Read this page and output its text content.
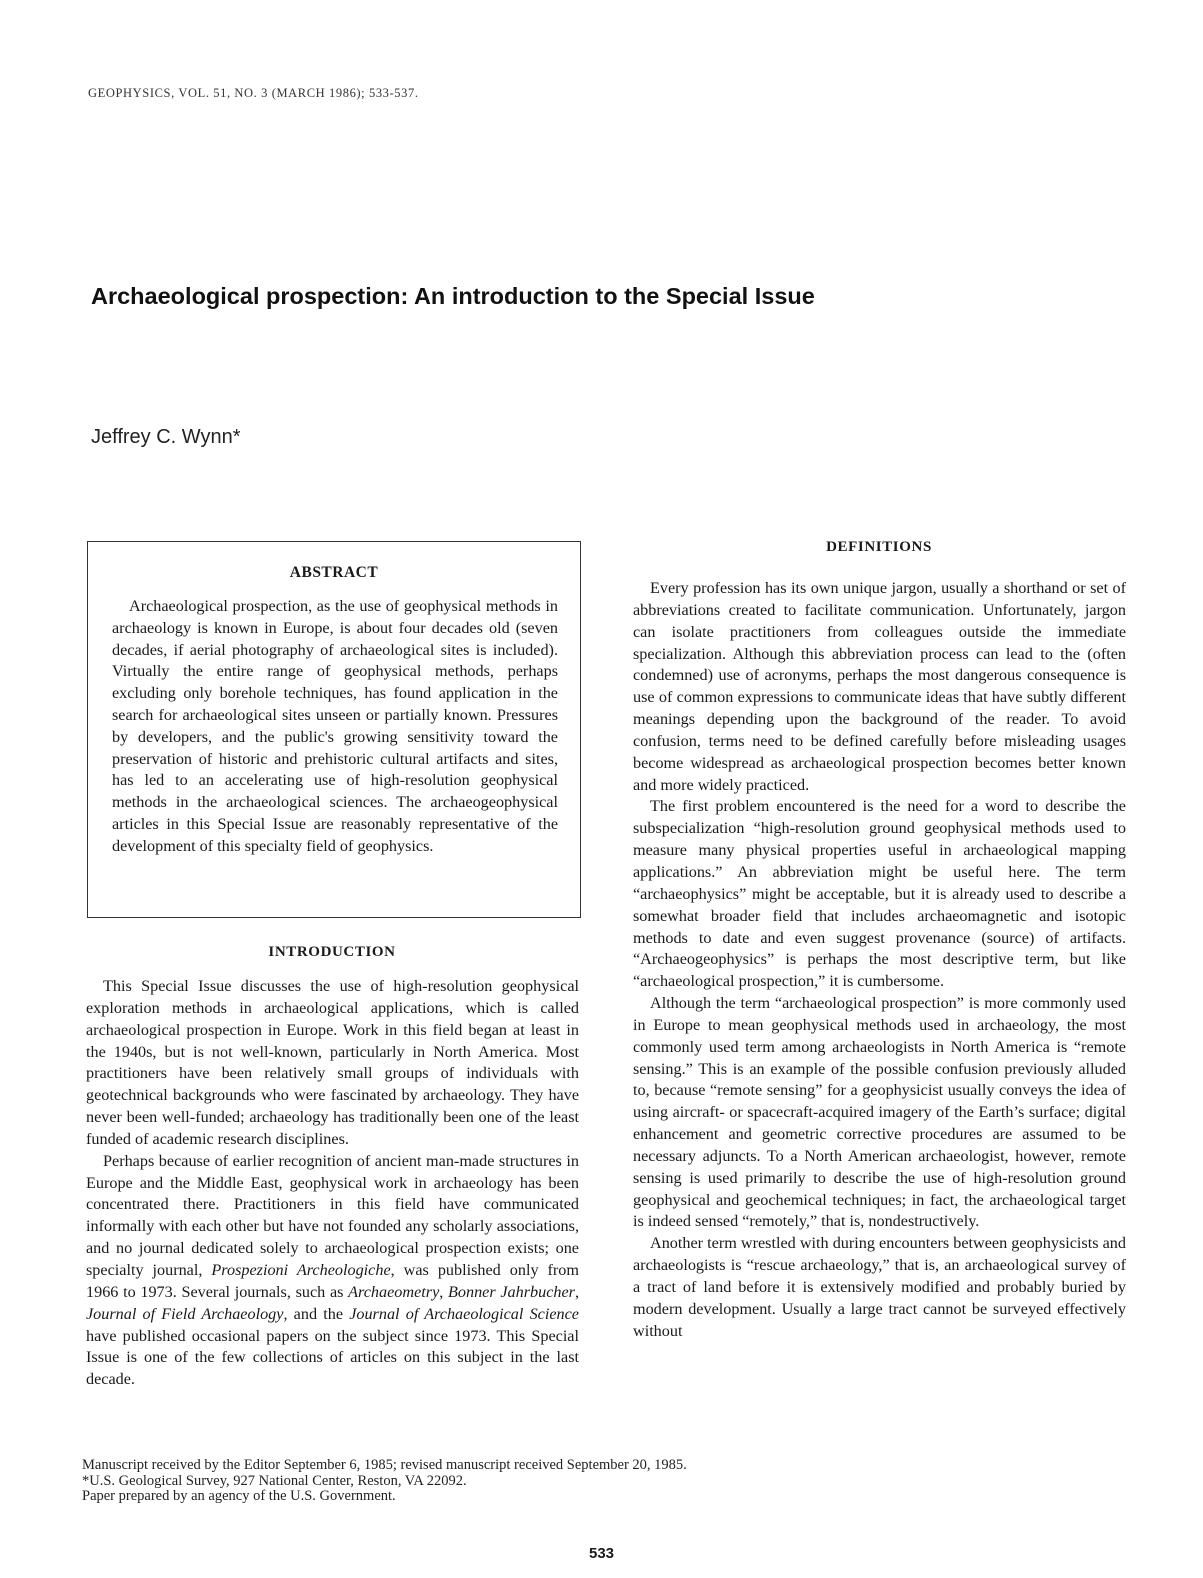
GEOPHYSICS, VOL. 51, NO. 3 (MARCH 1986); 533-537.
Archaeological prospection: An introduction to the Special Issue
Jeffrey C. Wynn*
ABSTRACT

Archaeological prospection, as the use of geophysical methods in archaeology is known in Europe, is about four decades old (seven decades, if aerial photography of archaeological sites is included). Virtually the entire range of geophysical methods, perhaps excluding only borehole techniques, has found application in the search for archaeological sites unseen or partially known. Pressures by developers, and the public's growing sensitivity toward the preservation of historic and prehistoric cultural artifacts and sites, has led to an accelerating use of high-resolution geophysical methods in the archaeological sciences. The archaeogeophysical articles in this Special Issue are reasonably representative of the development of this specialty field of geophysics.

INTRODUCTION

This Special Issue discusses the use of high-resolution geophysical exploration methods in archaeological applications, which is called archaeological prospection in Europe. Work in this field began at least in the 1940s, but is not well-known, particularly in North America. Most practitioners have been relatively small groups of individuals with geotechnical backgrounds who were fascinated by archaeology. They have never been well-funded; archaeology has traditionally been one of the least funded of academic research disciplines.

Perhaps because of earlier recognition of ancient man-made structures in Europe and the Middle East, geophysical work in archaeology has been concentrated there. Practitioners in this field have communicated informally with each other but have not founded any scholarly associations, and no journal dedicated solely to archaeological prospection exists; one specialty journal, Prospezioni Archeologiche, was published only from 1966 to 1973. Several journals, such as Archaeometry, Bonner Jahrbucher, Journal of Field Archaeology, and the Journal of Archaeological Science have published occasional papers on the subject since 1973. This Special Issue is one of the few collections of articles on this subject in the last decade.

DEFINITIONS

Every profession has its own unique jargon, usually a shorthand or set of abbreviations created to facilitate communication. Unfortunately, jargon can isolate practitioners from colleagues outside the immediate specialization. Although this abbreviation process can lead to the (often condemned) use of acronyms, perhaps the most dangerous consequence is use of common expressions to communicate ideas that have subtly different meanings depending upon the background of the reader. To avoid confusion, terms need to be defined carefully before misleading usages become widespread as archaeological prospection becomes better known and more widely practiced.

The first problem encountered is the need for a word to describe the subspecialization “high-resolution ground geophysical methods used to measure many physical properties useful in archaeological mapping applications.” An abbreviation might be useful here. The term “archaeophysics” might be acceptable, but it is already used to describe a somewhat broader field that includes archaeomagnetic and isotopic methods to date and even suggest provenance (source) of artifacts. “Archaeogeophysics” is perhaps the most descriptive term, but like “archaeological prospection,” it is cumbersome.

Although the term “archaeological prospection” is more commonly used in Europe to mean geophysical methods used in archaeology, the most commonly used term among archaeologists in North America is “remote sensing.” This is an example of the possible confusion previously alluded to, because “remote sensing” for a geophysicist usually conveys the idea of using aircraft- or spacecraft-acquired imagery of the Earth’s surface; digital enhancement and geometric corrective procedures are assumed to be necessary adjuncts. To a North American archaeologist, however, remote sensing is used primarily to describe the use of high-resolution ground geophysical and geochemical techniques; in fact, the archaeological target is indeed sensed “remotely,” that is, nondestructively.

Another term wrestled with during encounters between geophysicists and archaeologists is “rescue archaeology,” that is, an archaeological survey of a tract of land before it is extensively modified and probably buried by modern development. Usually a large tract cannot be surveyed effectively without

Manuscript received by the Editor September 6, 1985; revised manuscript received September 20, 1985.
*U.S. Geological Survey, 927 National Center, Reston, VA 22092.
Paper prepared by an agency of the U.S. Government.
533
